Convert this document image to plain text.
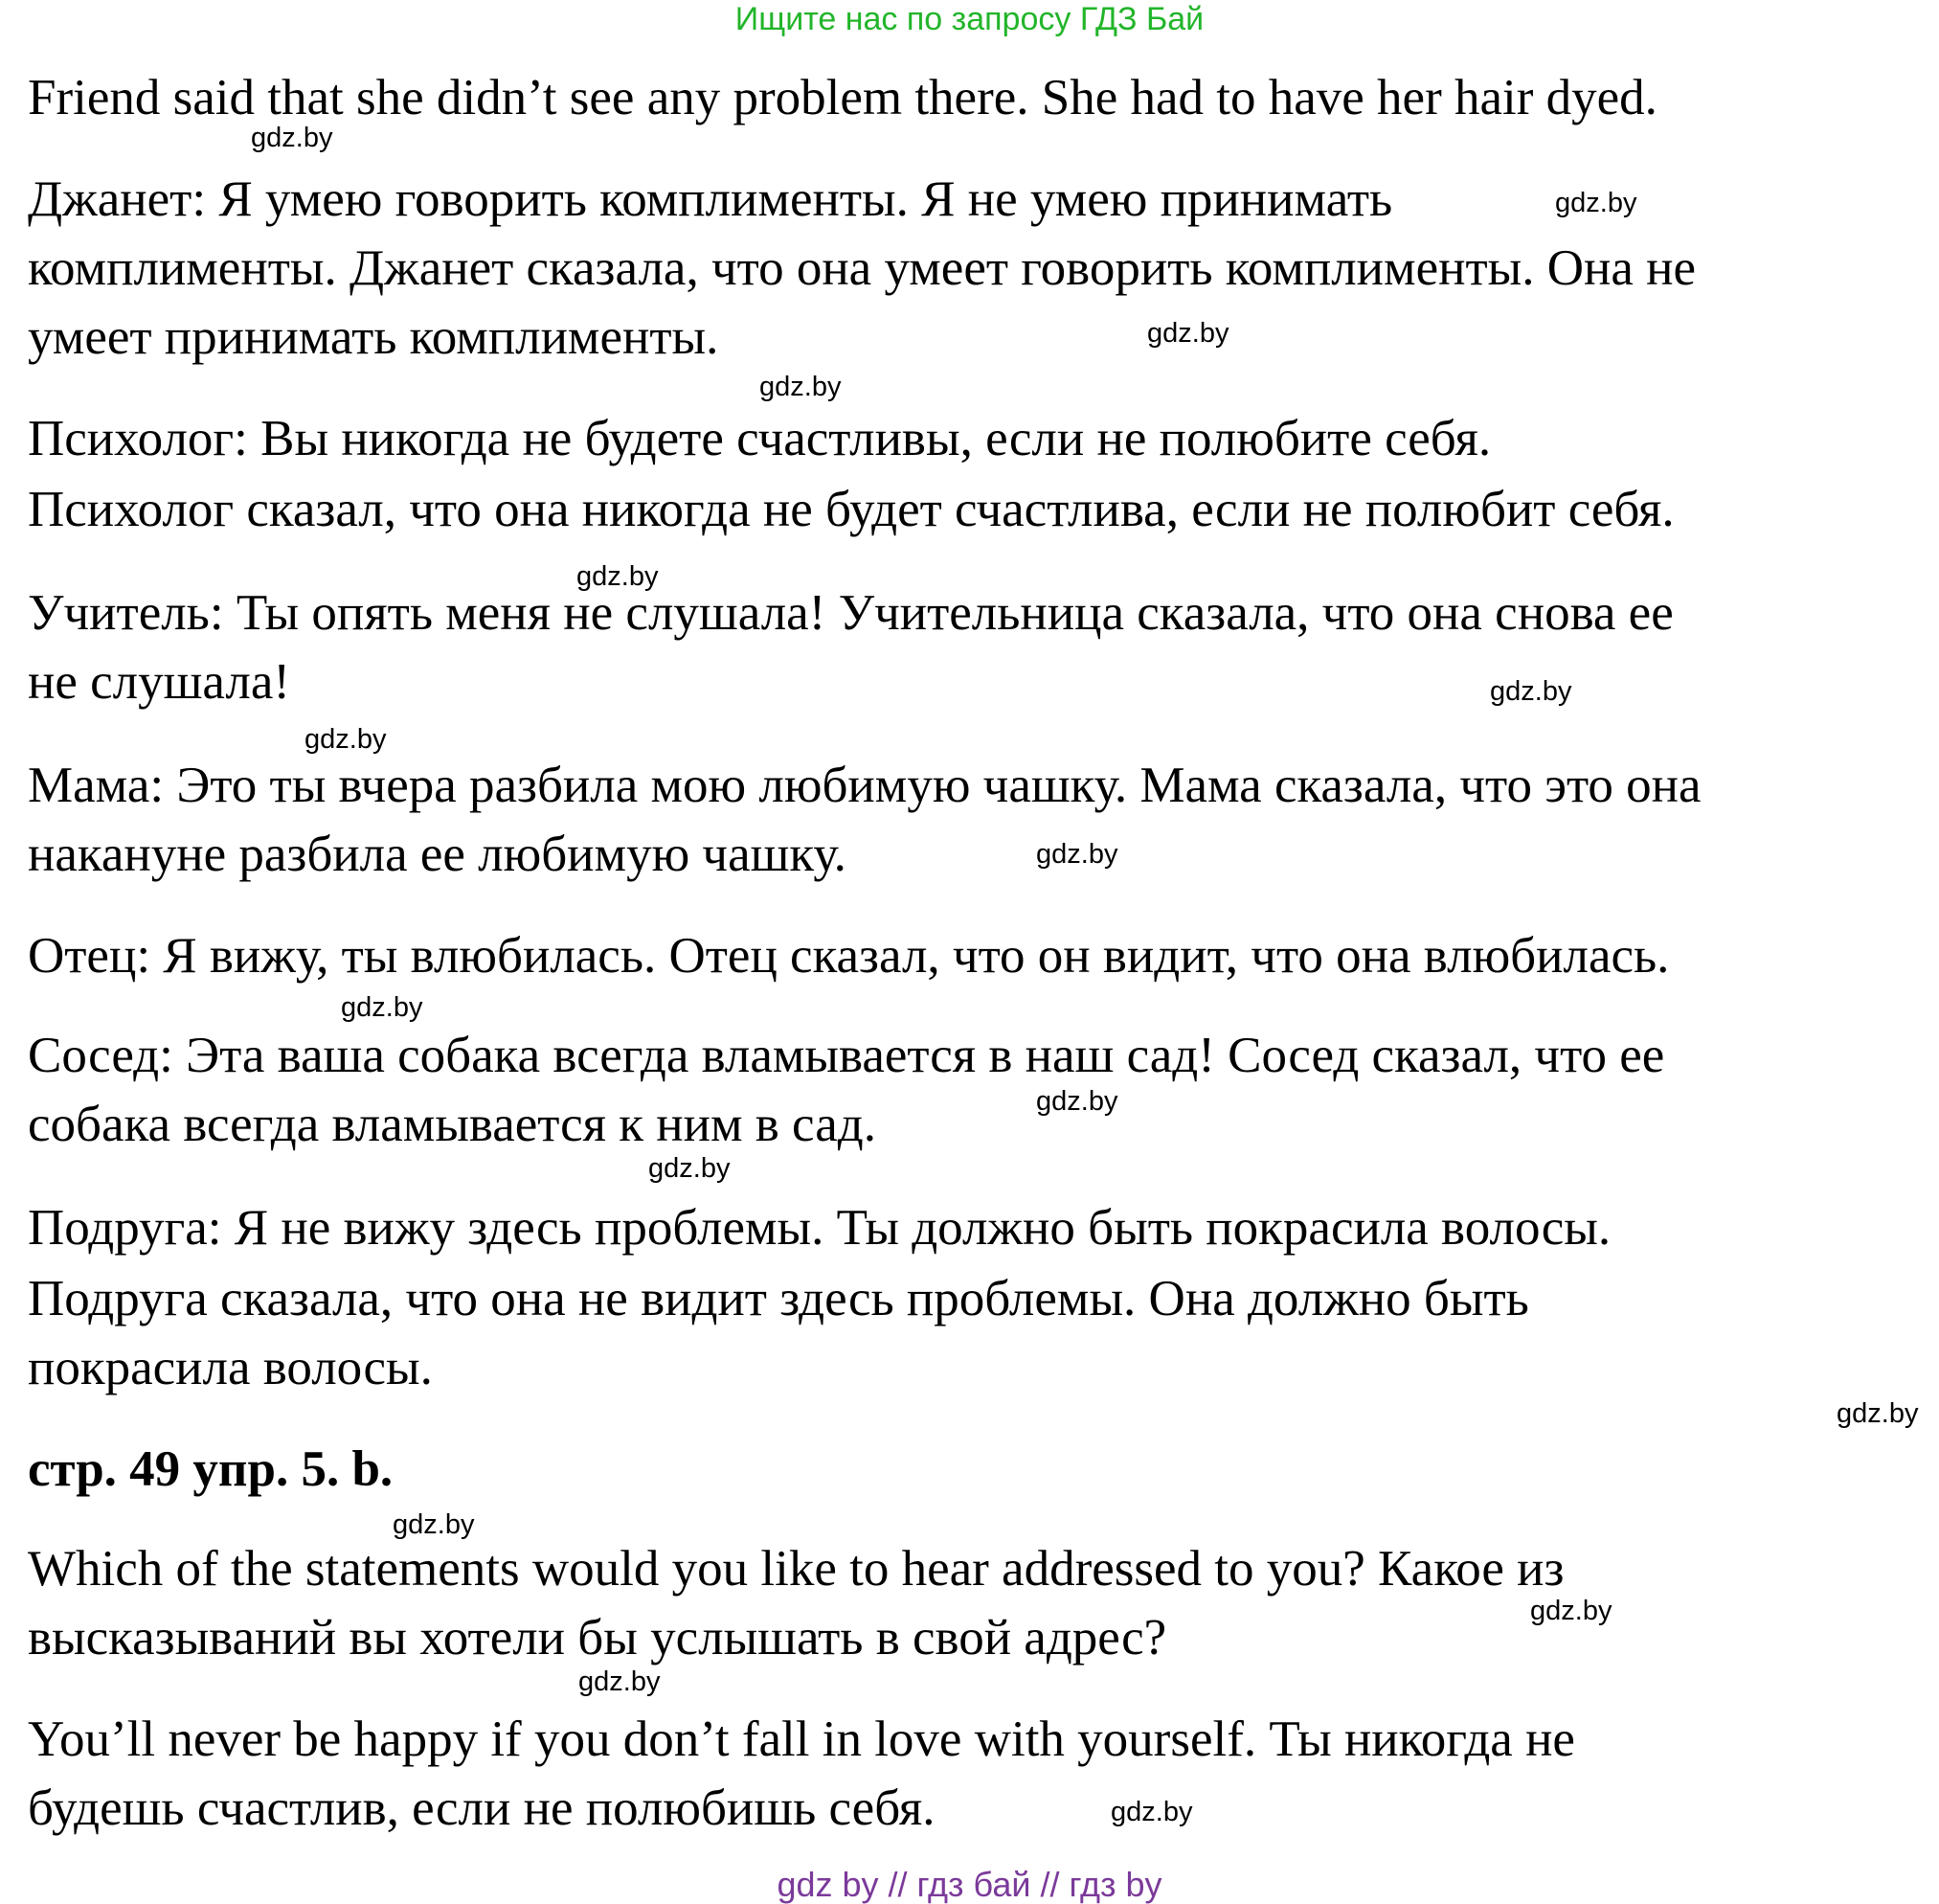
Ищите нас по запросу ГДЗ Бай
Friend said that she didn’t see any problem there. She had to have her hair dyed.
Джанет: Я умею говорить комплименты. Я не умею принимать
комплименты. Джанет сказала, что она умеет говорить комплименты. Она не
умеет принимать комплименты.
Психолог: Вы никогда не будете счастливы, если не полюбите себя.
Психолог сказал, что она никогда не будет счастлива, если не полюбит себя.
Учитель: Ты опять меня не слушала! Учительница сказала, что она снова ее
не слушала!
Мама: Это ты вчера разбила мою любимую чашку. Мама сказала, что это она
накануне разбила ее любимую чашку.
Отец: Я вижу, ты влюбилась. Отец сказал, что он видит, что она влюбилась.
Сосед: Эта ваша собака всегда вламывается в наш сад! Сосед сказал, что ее
собака всегда вламывается к ним в сад.
Подруга: Я не вижу здесь проблемы. Ты должно быть покрасила волосы.
Подруга сказала, что она не видит здесь проблемы. Она должно быть
покрасила волосы.
стр. 49 упр. 5. b.
Which of the statements would you like to hear addressed to you? Какое из
высказываний вы хотели бы услышать в свой адрес?
You’ll never be happy if you don’t fall in love with yourself. Ты никогда не
будешь счастлив, если не полюбишь себя.
gdz.by
gdz.by
gdz.by
gdz.by
gdz.by
gdz.by
gdz.by
gdz.by
gdz.by
gdz.by
gdz.by
gdz.by
gdz.by
gdz.by
gdz.by
gdz.by
gdz by // гдз бай // гдз by
